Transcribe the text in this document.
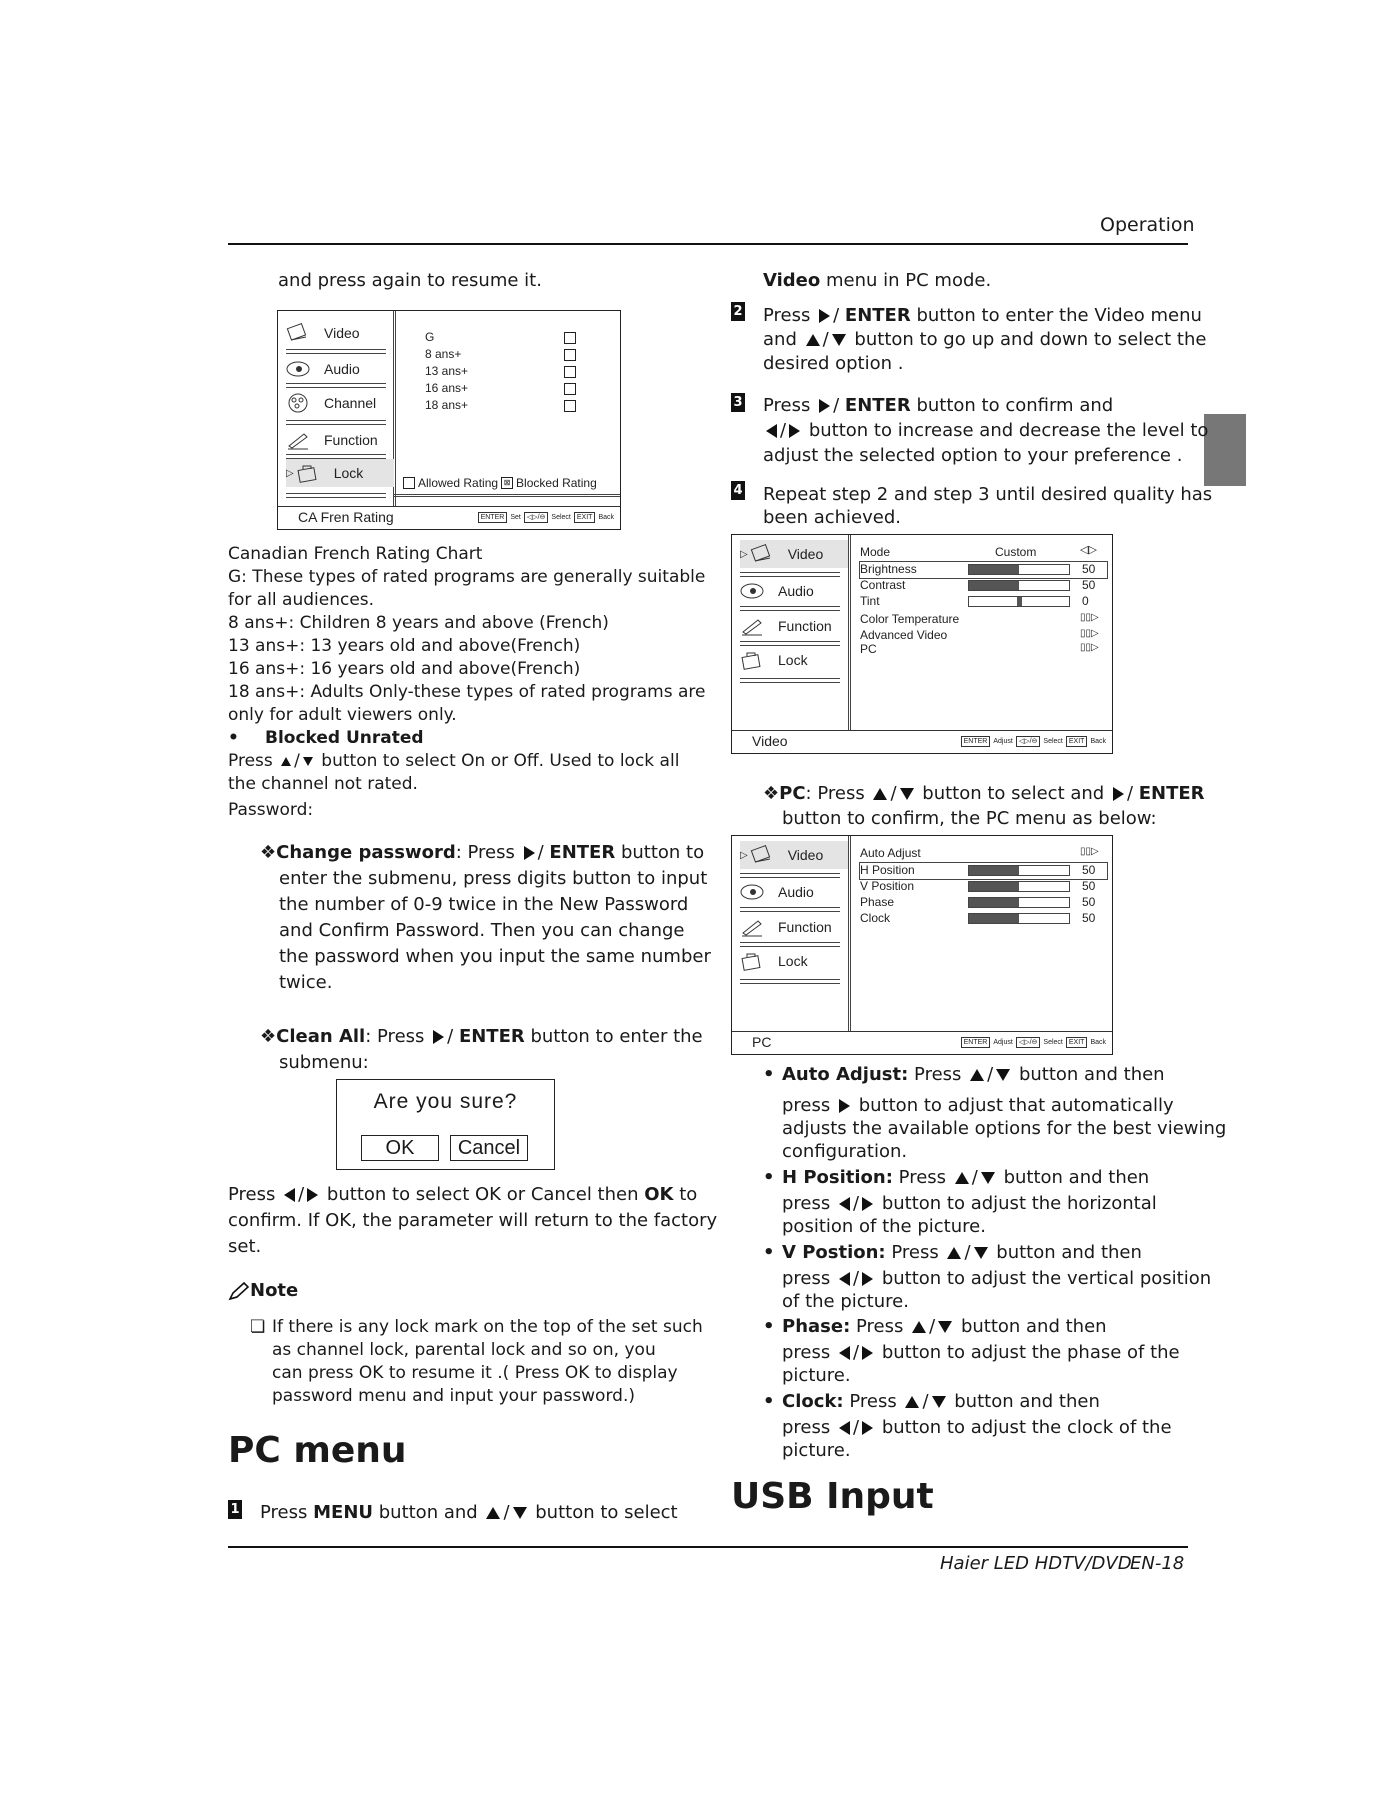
Operation
Haier LED HDTV/DVD
EN-18
and press again to resume it.
Video
Audio
Channel
Function
▷	Lock
G
8 ans+
13 ans+
16 ans+
18 ans+
Allowed Rating ⊠ Blocked Rating
CA Fren Rating	ENTER Set ◁▷/⊖ Select EXIT Back
Canadian French Rating Chart
G: These types of rated programs are generally suitable
for all audiences.
8 ans+: Children 8 years and above (French)
13 ans+: 13 years old and above(French)
16 ans+: 16 years old and above(French)
18 ans+: Adults Only-these types of rated programs are
only for adult viewers only.
• Blocked Unrated
Press / button to select On or Off. Used to lock all
the channel not rated.
Password:
❖Change password: Press / ENTER button to
enter the submenu, press digits button to input
the number of 0-9 twice in the New Password
and Confirm Password. Then you can change
the password when you input the same number
twice.
❖Clean All: Press / ENTER button to enter the
submenu:
Are you sure?
OK	Cancel
Press / button to select OK or Cancel then OK to
confirm. If OK, the parameter will return to the factory
set.
Note
❏ If there is any lock mark on the top of the set such
as channel lock, parental lock and so on, you
can press OK to resume it .( Press OK to display
password menu and input your password.)
PC menu
1 Press MENU button and / button to select
Video menu in PC mode.
2 Press / ENTER button to enter the Video menu
and / button to go up and down to select the
desired option .
3 Press / ENTER button to confirm and
/ button to increase and decrease the level to
adjust the selected option to your preference .
4 Repeat step 2 and step 3 until desired quality has
been achieved.
▷	Video
Audio
Function
Lock
Mode	Custom	◁▷
Brightness	50
Contrast	50
Tint	0
Color Temperature	▯▯▷
Advanced Video	▯▯▷
PC	▯▯▷
Video	ENTER Adjust ◁▷/⊖ Select EXIT Back
❖PC: Press / button to select and / ENTER
button to confirm, the PC menu as below:
▷	Video
Audio
Function
Lock
Auto Adjust	▯▯▷
H Position	50
V Position	50
Phase	50
Clock	50
PC	ENTER Adjust ◁▷/⊖ Select EXIT Back
• Auto Adjust: Press / button and then
press button to adjust that automatically
adjusts the available options for the best viewing
configuration.
• H Position: Press / button and then
press / button to adjust the horizontal
position of the picture.
• V Postion: Press / button and then
press / button to adjust the vertical position
of the picture.
• Phase: Press / button and then
press / button to adjust the phase of the
picture.
• Clock: Press / button and then
press / button to adjust the clock of the
picture.
USB Input
